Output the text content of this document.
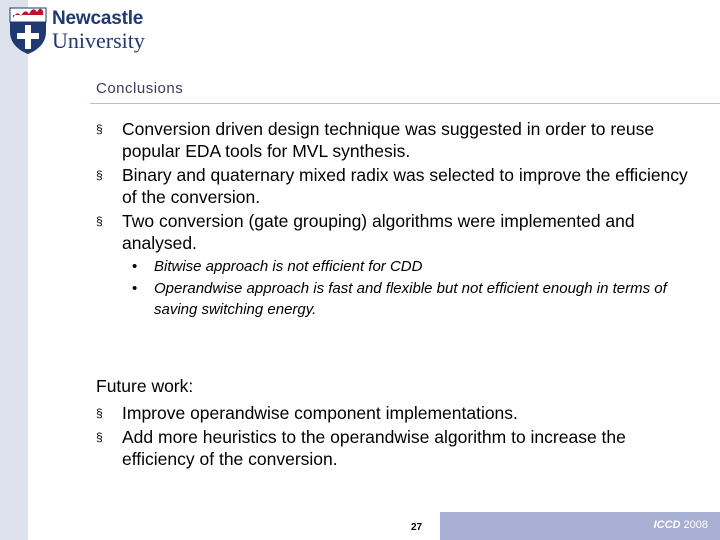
Newcastle
University
Conclusions
§ Conversion driven design technique was suggested in order to reuse popular EDA tools for MVL synthesis.
§ Binary and quaternary mixed radix was selected to improve the efficiency of the conversion.
§ Two conversion (gate grouping) algorithms were implemented and analysed.
• Bitwise approach is not efficient for CDD
• Operandwise approach is fast and flexible but not efficient enough in terms of saving switching energy.
Future work:
§ Improve operandwise component implementations.
§ Add more heuristics to the operandwise algorithm to increase the efficiency of the conversion.
27	ICCD 2008
